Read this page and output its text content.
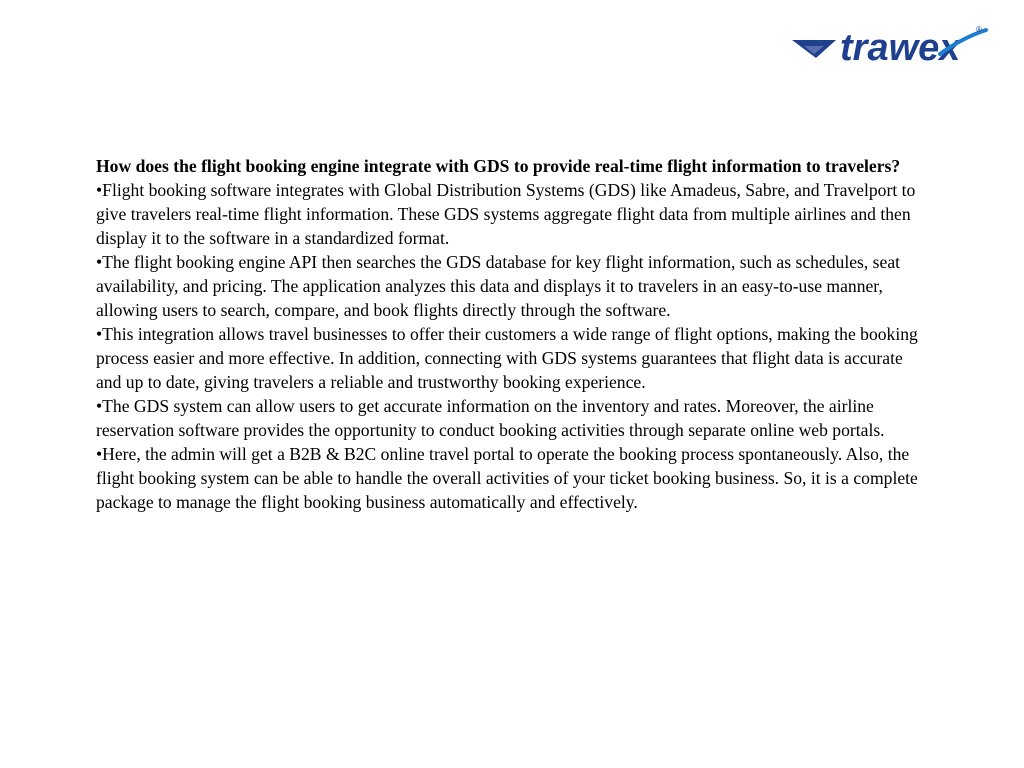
trawex ®

How does the flight booking engine integrate with GDS to provide real-time flight information to travelers?

•Flight booking software integrates with Global Distribution Systems (GDS) like Amadeus, Sabre, and Travelport to give travelers real-time flight information. These GDS systems aggregate flight data from multiple airlines and then display it to the software in a standardized format.

•The flight booking engine API then searches the GDS database for key flight information, such as schedules, seat availability, and pricing. The application analyzes this data and displays it to travelers in an easy-to-use manner, allowing users to search, compare, and book flights directly through the software.

•This integration allows travel businesses to offer their customers a wide range of flight options, making the booking process easier and more effective. In addition, connecting with GDS systems guarantees that flight data is accurate and up to date, giving travelers a reliable and trustworthy booking experience.

•The GDS system can allow users to get accurate information on the inventory and rates. Moreover, the airline reservation software provides the opportunity to conduct booking activities through separate online web portals.

•Here, the admin will get a B2B & B2C online travel portal to operate the booking process spontaneously. Also, the flight booking system can be able to handle the overall activities of your ticket booking business. So, it is a complete package to manage the flight booking business automatically and effectively.
